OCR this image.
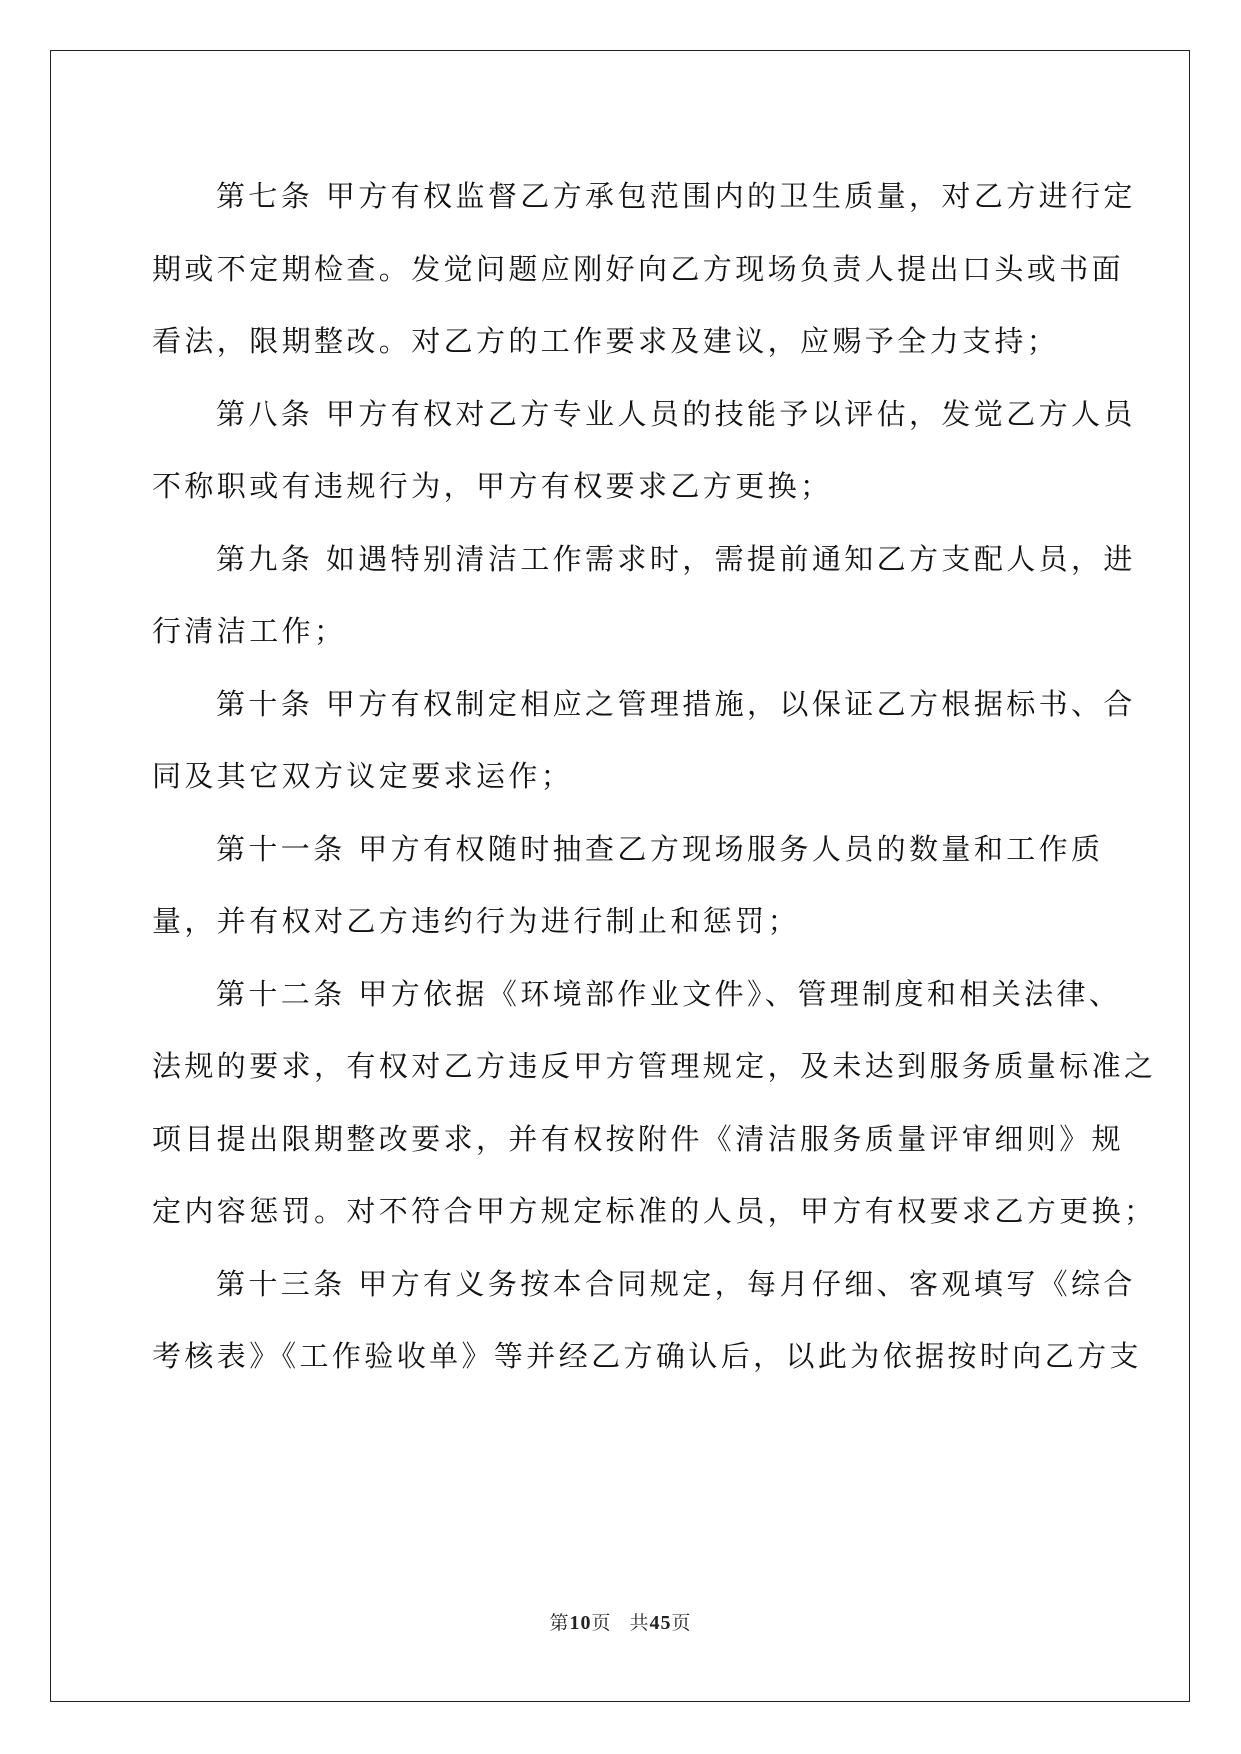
第七条 甲方有权监督乙方承包范围内的卫生质量，对乙方进行定
期或不定期检查。发觉问题应刚好向乙方现场负责人提出口头或书面
看法，限期整改。对乙方的工作要求及建议，应赐予全力支持；
第八条 甲方有权对乙方专业人员的技能予以评估，发觉乙方人员
不称职或有违规行为，甲方有权要求乙方更换；
第九条 如遇特别清洁工作需求时，需提前通知乙方支配人员，进
行清洁工作；
第十条 甲方有权制定相应之管理措施，以保证乙方根据标书、合
同及其它双方议定要求运作；
第十一条 甲方有权随时抽查乙方现场服务人员的数量和工作质
量，并有权对乙方违约行为进行制止和惩罚；
第十二条 甲方依据《环境部作业文件》、管理制度和相关法律、
法规的要求，有权对乙方违反甲方管理规定，及未达到服务质量标准之
项目提出限期整改要求，并有权按附件《清洁服务质量评审细则》规
定内容惩罚。对不符合甲方规定标准的人员，甲方有权要求乙方更换；
第十三条 甲方有义务按本合同规定，每月仔细、客观填写《综合
考核表》《工作验收单》等并经乙方确认后，以此为依据按时向乙方支
第10页 共45页
